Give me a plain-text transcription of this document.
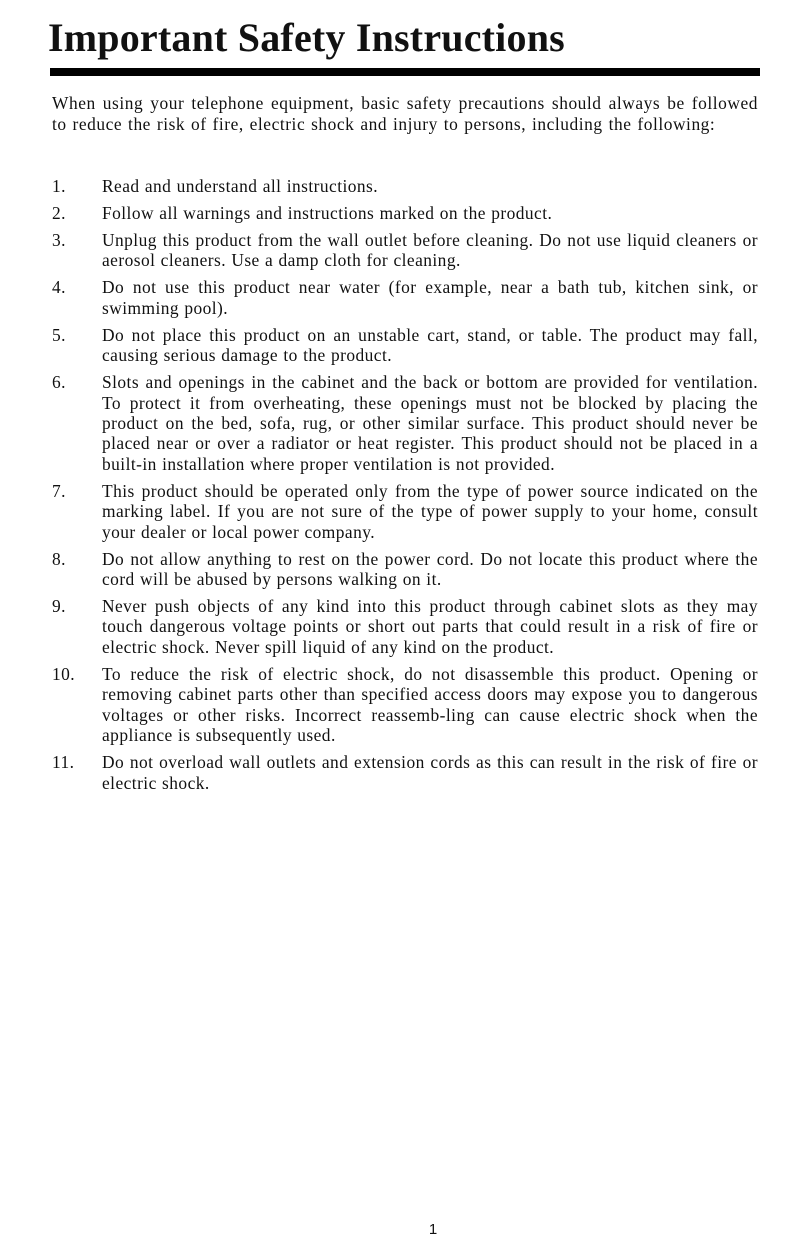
Important Safety Instructions

When using your telephone equipment, basic safety precautions should always be followed to reduce the risk of fire, electric shock and injury to persons, including the following:

1.	Read and understand all instructions.
2.	Follow all warnings and instructions marked on the product.
3.	Unplug this product from the wall outlet before cleaning. Do not use liquid cleaners or aerosol cleaners. Use a damp cloth for cleaning.
4.	Do not use this product near water (for example, near a bath tub, kitchen sink, or swimming pool).
5.	Do not place this product on an unstable cart, stand, or table. The product may fall, causing serious damage to the product.
6.	Slots and openings in the cabinet and the back or bottom are provided for ventilation. To protect it from overheating, these openings must not be blocked by placing the product on the bed, sofa, rug, or other similar surface. This product should never be placed near or over a radiator or heat register. This product should not be placed in a built-in installation where proper ventilation is not provided.
7.	This product should be operated only from the type of power source indicated on the marking label. If you are not sure of the type of power supply to your home, consult your dealer or local power company.
8.	Do not allow anything to rest on the power cord. Do not locate this product where the cord will be abused by persons walking on it.
9.	Never push objects of any kind into this product through cabinet slots as they may touch dangerous voltage points or short out parts that could result in a risk of fire or electric shock. Never spill liquid of any kind on the product.
10.	To reduce the risk of electric shock, do not disassemble this product. Opening or removing cabinet parts other than specified access doors may expose you to dangerous voltages or other risks. Incorrect reassemb-ling can cause electric shock when the appliance is subsequently used.
11.	Do not overload wall outlets and extension cords as this can result in the risk of fire or electric shock.

1
